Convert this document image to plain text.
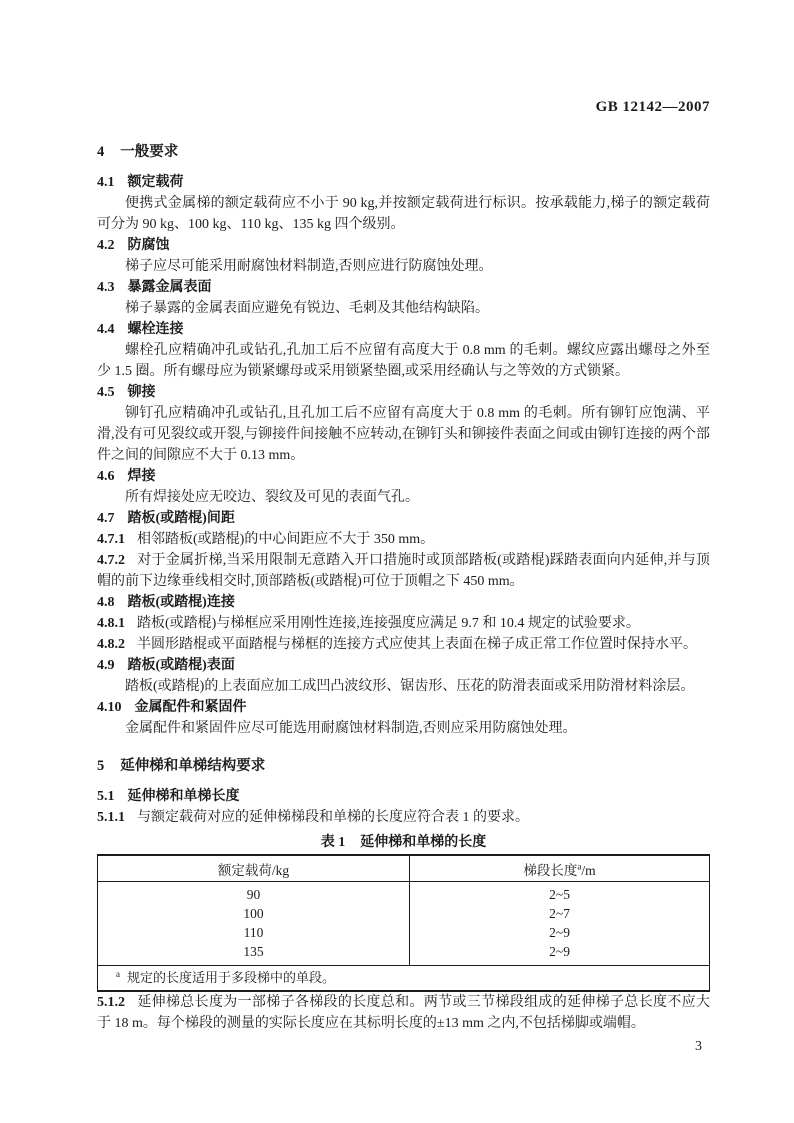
GB 12142—2007
4 一般要求
4.1 额定载荷

便携式金属梯的额定载荷应不小于 90 kg,并按额定载荷进行标识。按承载能力,梯子的额定载荷可分为 90 kg、100 kg、110 kg、135 kg 四个级别。

4.2 防腐蚀

梯子应尽可能采用耐腐蚀材料制造,否则应进行防腐蚀处理。

4.3 暴露金属表面

梯子暴露的金属表面应避免有锐边、毛刺及其他结构缺陷。

4.4 螺栓连接

螺栓孔应精确冲孔或钻孔,孔加工后不应留有高度大于 0.8 mm 的毛刺。螺纹应露出螺母之外至少 1.5 圈。所有螺母应为锁紧螺母或采用锁紧垫圈,或采用经确认与之等效的方式锁紧。

4.5 铆接

铆钉孔应精确冲孔或钻孔,且孔加工后不应留有高度大于 0.8 mm 的毛刺。所有铆钉应饱满、平滑,没有可见裂纹或开裂,与铆接件间接触不应转动,在铆钉头和铆接件表面之间或由铆钉连接的两个部件之间的间隙应不大于 0.13 mm。

4.6 焊接

所有焊接处应无咬边、裂纹及可见的表面气孔。

4.7 踏板(或踏棍)间距

4.7.1 相邻踏板(或踏棍)的中心间距应不大于 350 mm。

4.7.2 对于金属折梯,当采用限制无意踏入开口措施时或顶部踏板(或踏棍)踩踏表面向内延伸,并与顶帽的前下边缘垂线相交时,顶部踏板(或踏棍)可位于顶帽之下 450 mm。

4.8 踏板(或踏棍)连接

4.8.1 踏板(或踏棍)与梯框应采用刚性连接,连接强度应满足 9.7 和 10.4 规定的试验要求。

4.8.2 半圆形踏棍或平面踏棍与梯框的连接方式应使其上表面在梯子成正常工作位置时保持水平。

4.9 踏板(或踏棍)表面

踏板(或踏棍)的上表面应加工成凹凸波纹形、锯齿形、压花的防滑表面或采用防滑材料涂层。

4.10 金属配件和紧固件

金属配件和紧固件应尽可能选用耐腐蚀材料制造,否则应采用防腐蚀处理。

5 延伸梯和单梯结构要求
5.1 延伸梯和单梯长度

5.1.1 与额定载荷对应的延伸梯梯段和单梯的长度应符合表 1 的要求。

表 1 延伸梯和单梯的长度
额定载荷/kg	梯段长度$^a$/m
90	2~5
100	2~7
110	2~9
135	2~9
$^a$ 规定的长度适用于多段梯中的单段。	

5.1.2 延伸梯总长度为一部梯子各梯段的长度总和。两节或三节梯段组成的延伸梯子总长度不应大于 18 m。每个梯段的测量的实际长度应在其标明长度的±13 mm 之内,不包括梯脚或端帽。

3
